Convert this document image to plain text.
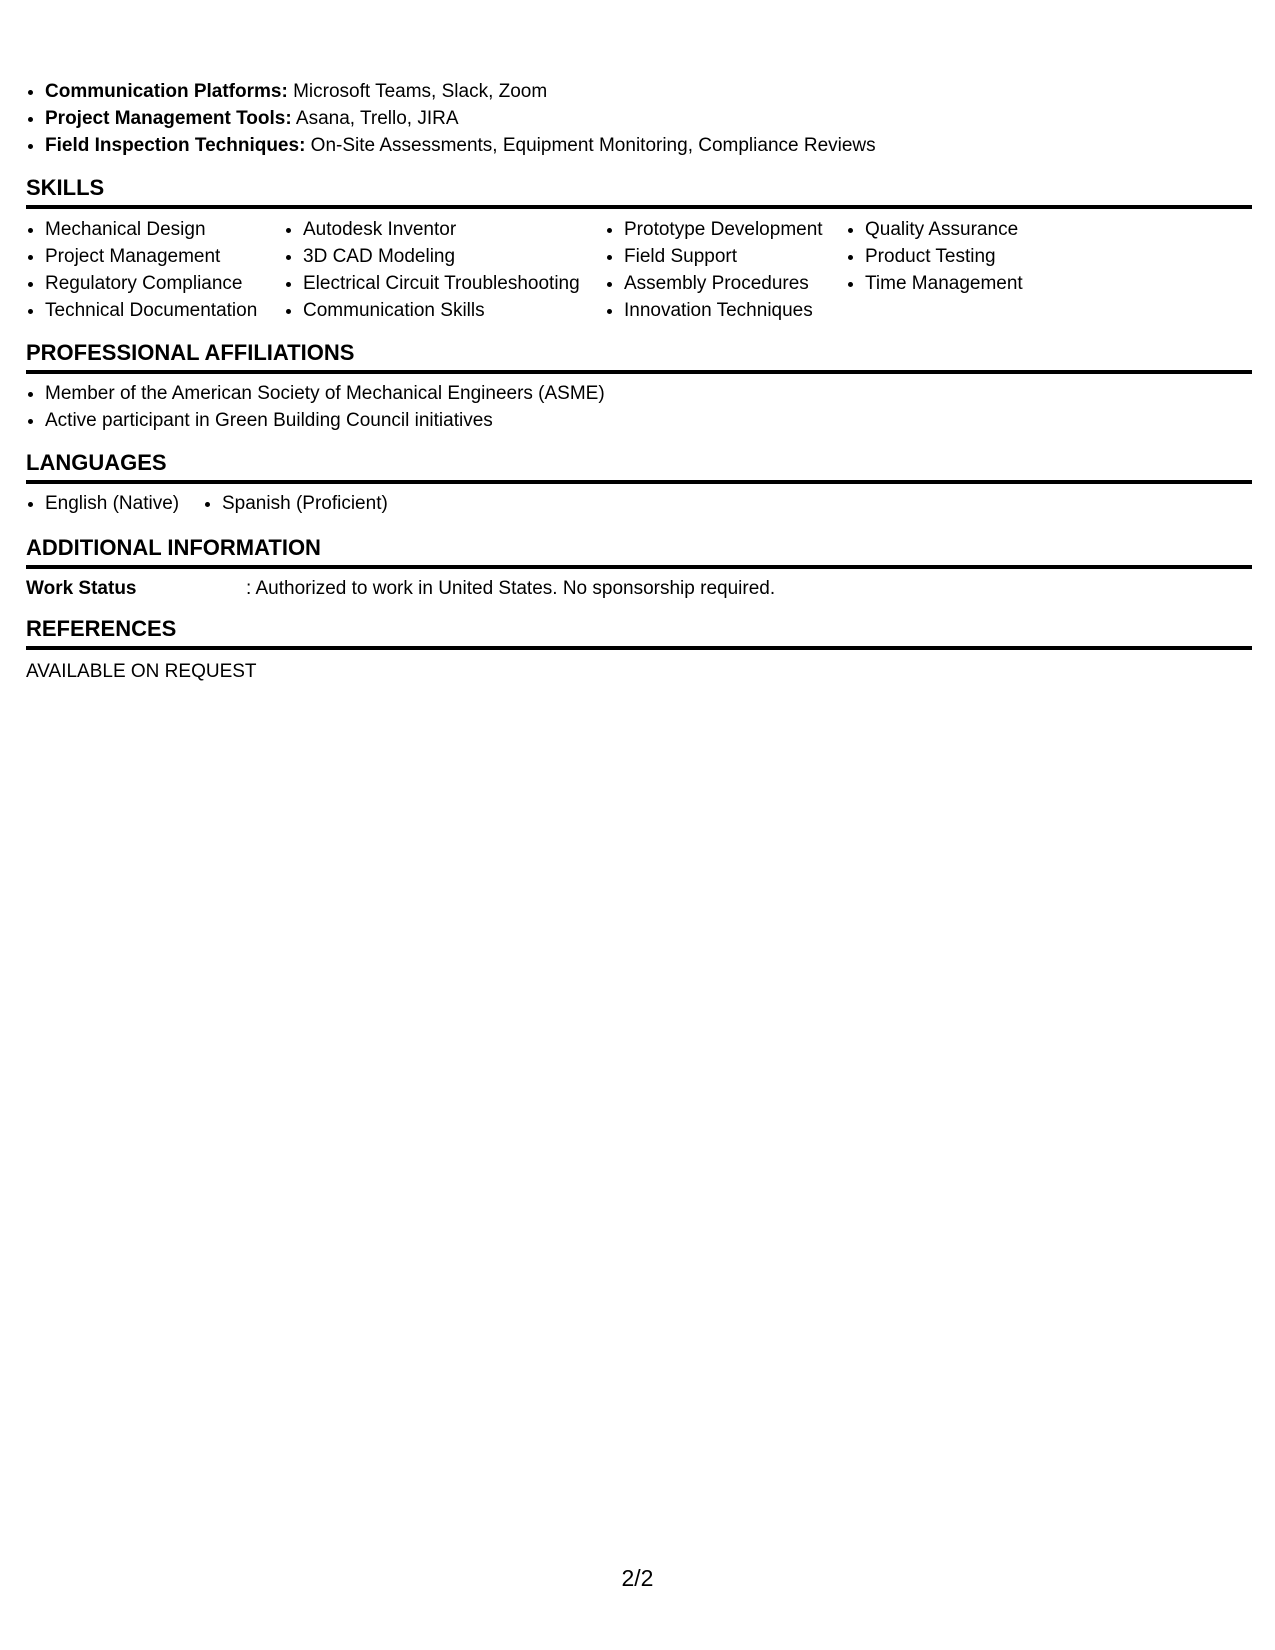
• Communication Platforms: Microsoft Teams, Slack, Zoom
• Project Management Tools: Asana, Trello, JIRA
• Field Inspection Techniques: On-Site Assessments, Equipment Monitoring, Compliance Reviews
SKILLS
• Mechanical Design
• Project Management
• Regulatory Compliance
• Technical Documentation
• Autodesk Inventor
• 3D CAD Modeling
• Electrical Circuit Troubleshooting
• Communication Skills
• Prototype Development
• Field Support
• Assembly Procedures
• Innovation Techniques
• Quality Assurance
• Product Testing
• Time Management
PROFESSIONAL AFFILIATIONS
• Member of the American Society of Mechanical Engineers (ASME)
• Active participant in Green Building Council initiatives
LANGUAGES
• English (Native)
•	Spanish (Proficient)
ADDITIONAL INFORMATION
Work Status	: Authorized to work in United States. No sponsorship required.
REFERENCES
AVAILABLE ON REQUEST
2/2
